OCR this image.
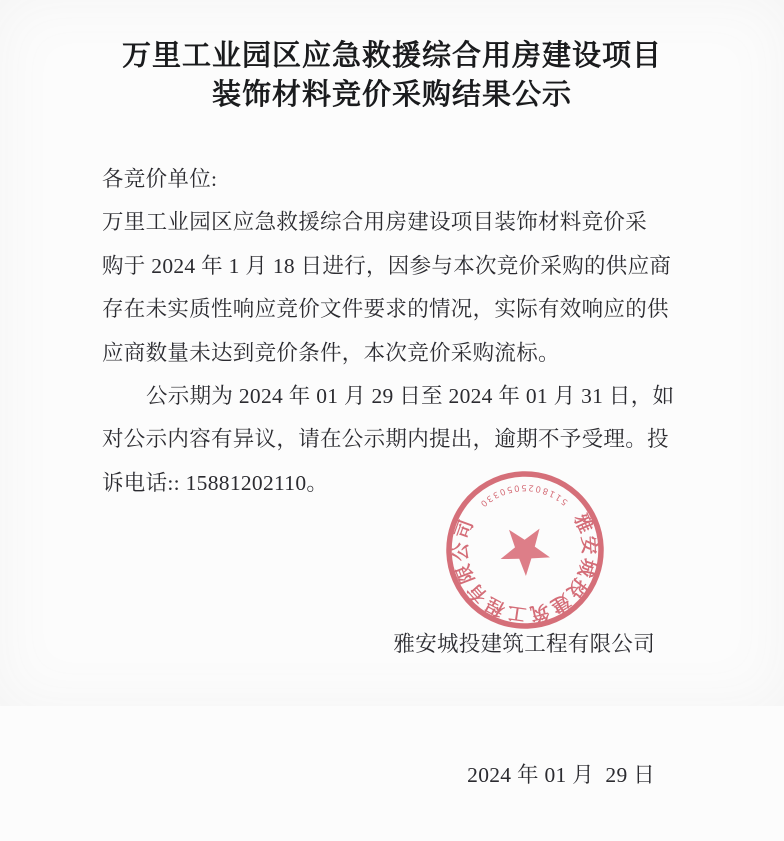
万里工业园区应急救援综合用房建设项目
装饰材料竞价采购结果公示
各竞价单位:
万里工业园区应急救援综合用房建设项目装饰材料竞价采
购于 2024 年 1 月 18 日进行，因参与本次竞价采购的供应商
存在未实质性响应竞价文件要求的情况，实际有效响应的供
应商数量未达到竞价条件，本次竞价采购流标。
公示期为 2024 年 01 月 29 日至 2024 年 01 月 31 日，如
对公示内容有异议，请在公示期内提出，逾期不予受理。投
诉电话:: 15881202110。

雅安城投建筑工程有限公司

2024 年 01 月  29 日

雅安城投建筑工程有限公司
5118025050330
